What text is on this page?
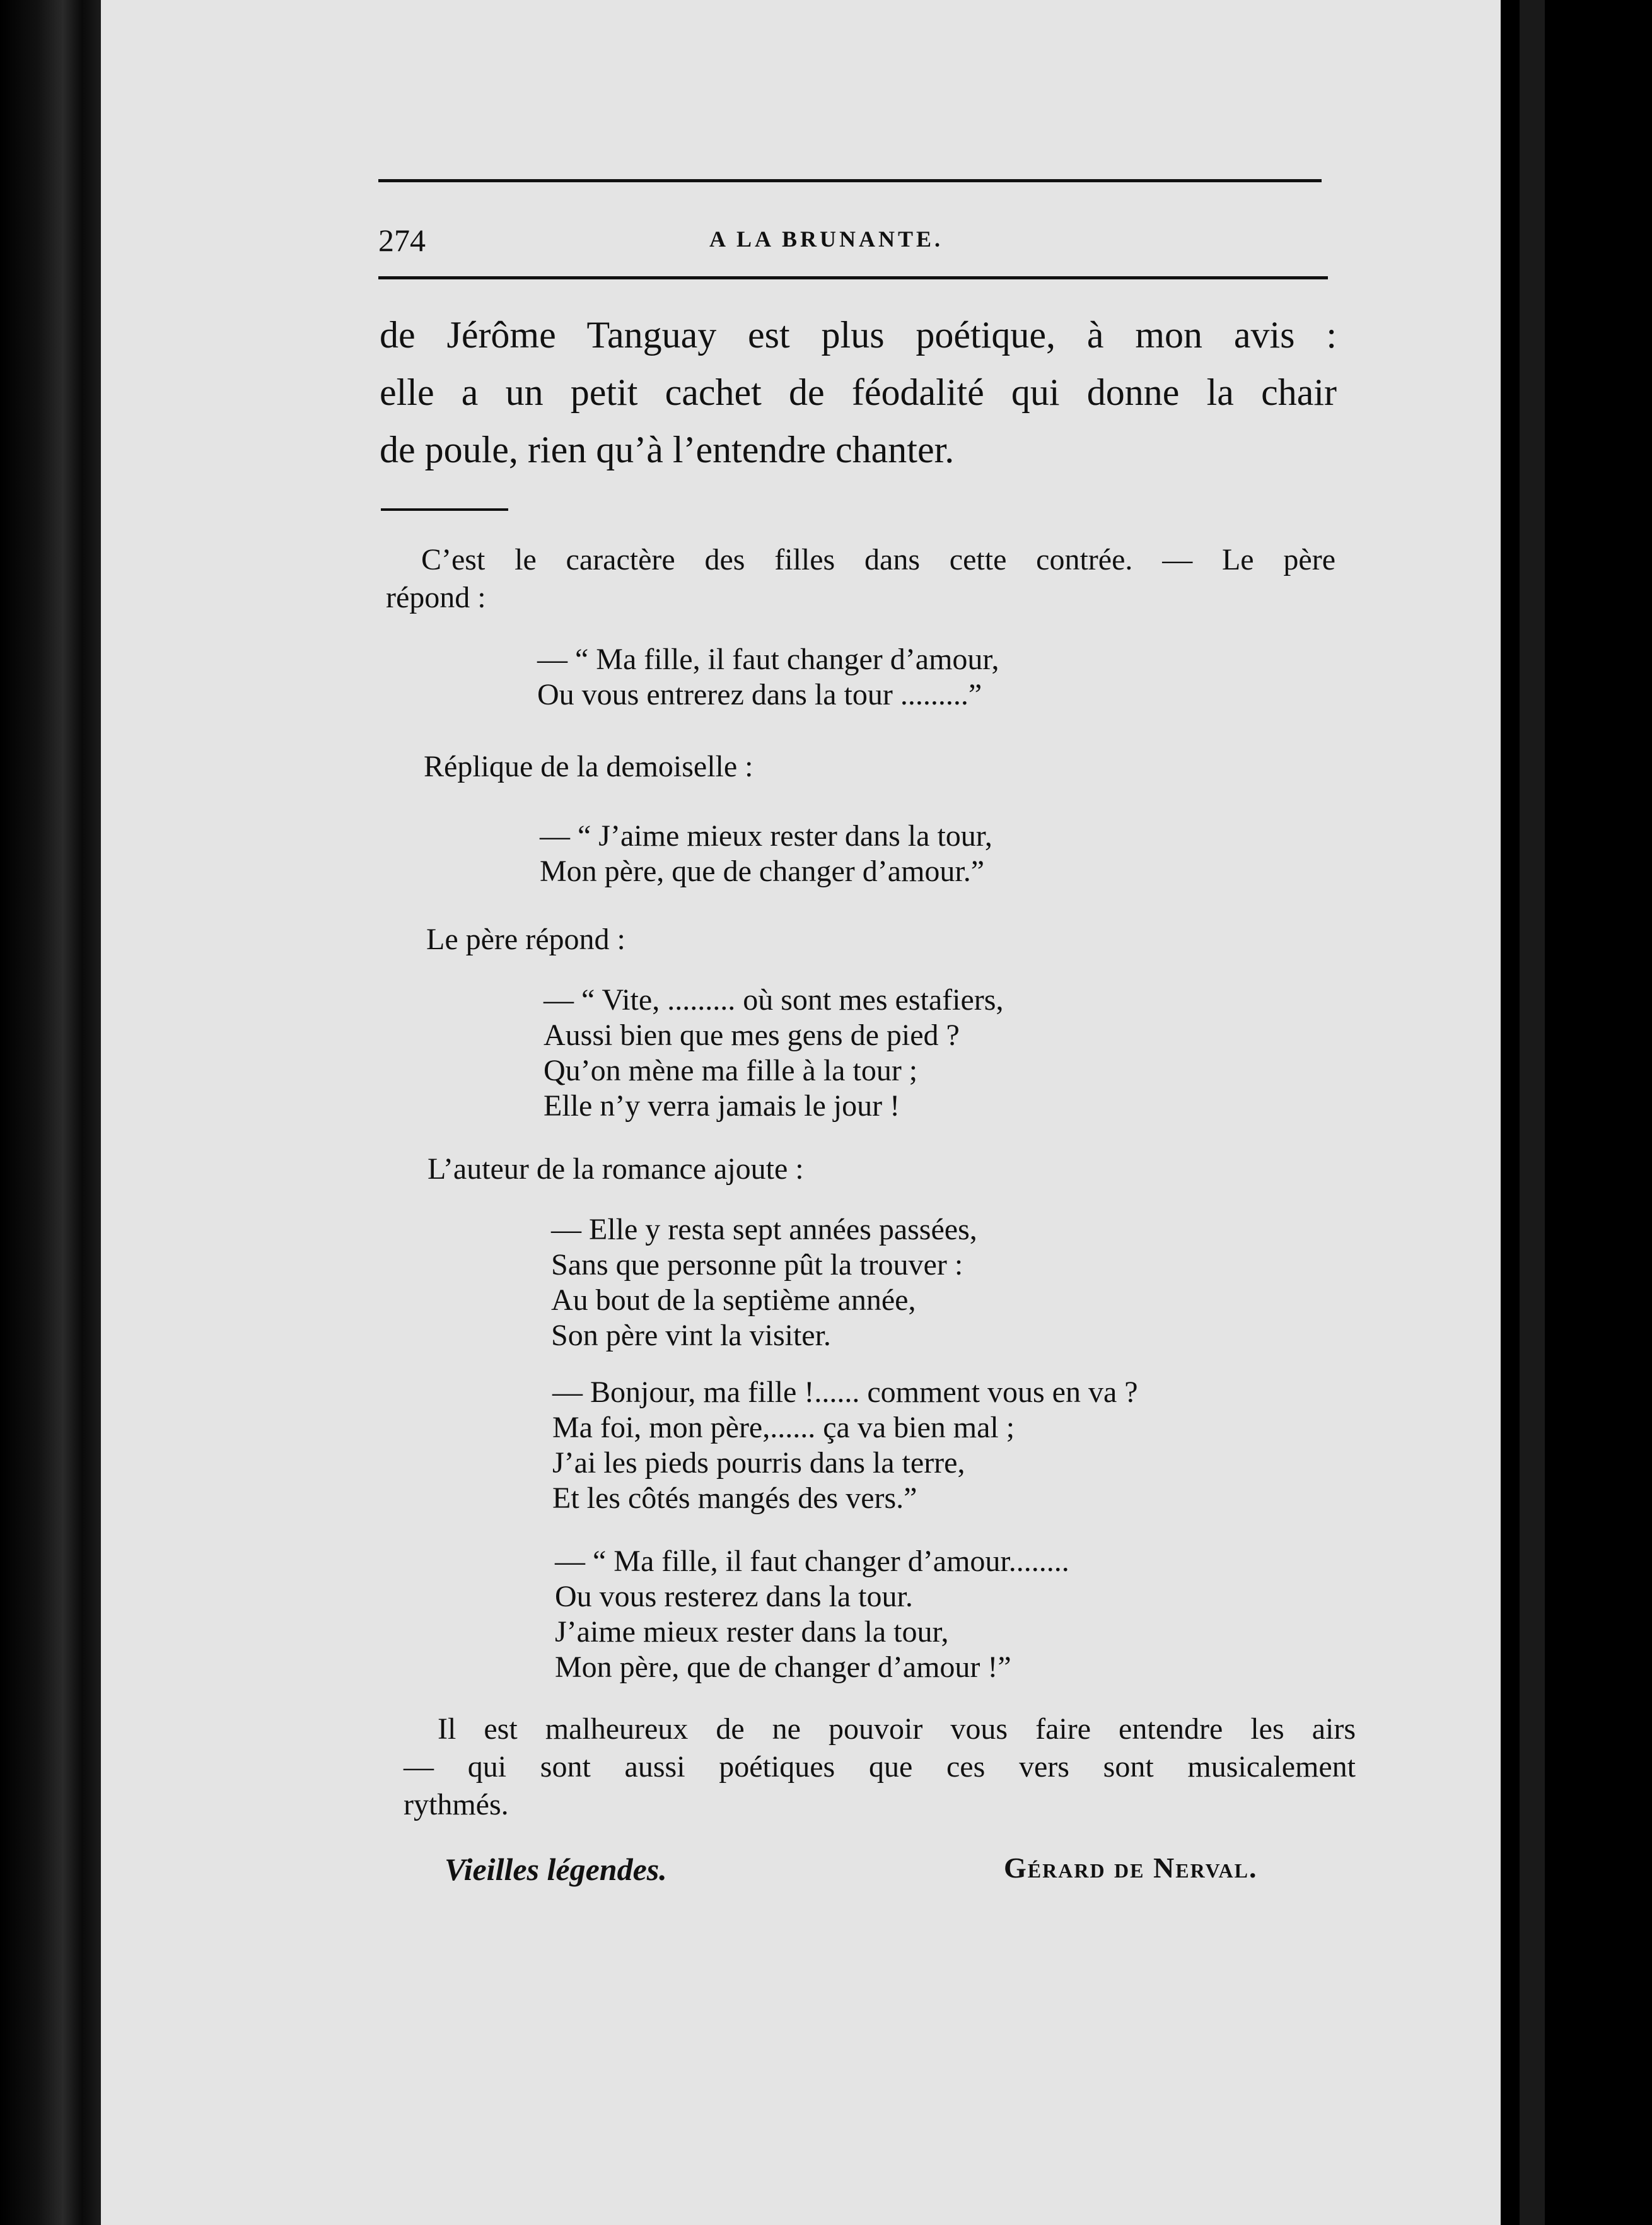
274	A LA BRUNANTE.
de Jérôme Tanguay est plus poétique, à mon avis :
elle a un petit cachet de féodalité qui donne la chair
de poule, rien qu’à l’entendre chanter.
C’est le caractère des filles dans cette contrée. — Le père
répond :
— “ Ma fille, il faut changer d’amour,
Ou vous entrerez dans la tour .........”
Réplique de la demoiselle :
— “ J’aime mieux rester dans la tour,
Mon père, que de changer d’amour.”
Le père répond :
— “ Vite, ......... où sont mes estafiers,
Aussi bien que mes gens de pied ?
Qu’on mène ma fille à la tour ;
Elle n’y verra jamais le jour !
L’auteur de la romance ajoute :
— Elle y resta sept années passées,
Sans que personne pût la trouver :
Au bout de la septième année,
Son père vint la visiter.
— Bonjour, ma fille !...... comment vous en va ?
Ma foi, mon père,...... ça va bien mal ;
J’ai les pieds pourris dans la terre,
Et les côtés mangés des vers.”
— “ Ma fille, il faut changer d’amour........
Ou vous resterez dans la tour.
J’aime mieux rester dans la tour,
Mon père, que de changer d’amour !”
Il est malheureux de ne pouvoir vous faire entendre les airs
— qui sont aussi poétiques que ces vers sont musicalement
rythmés.
Vieilles légendes.	Gérard de Nerval.
